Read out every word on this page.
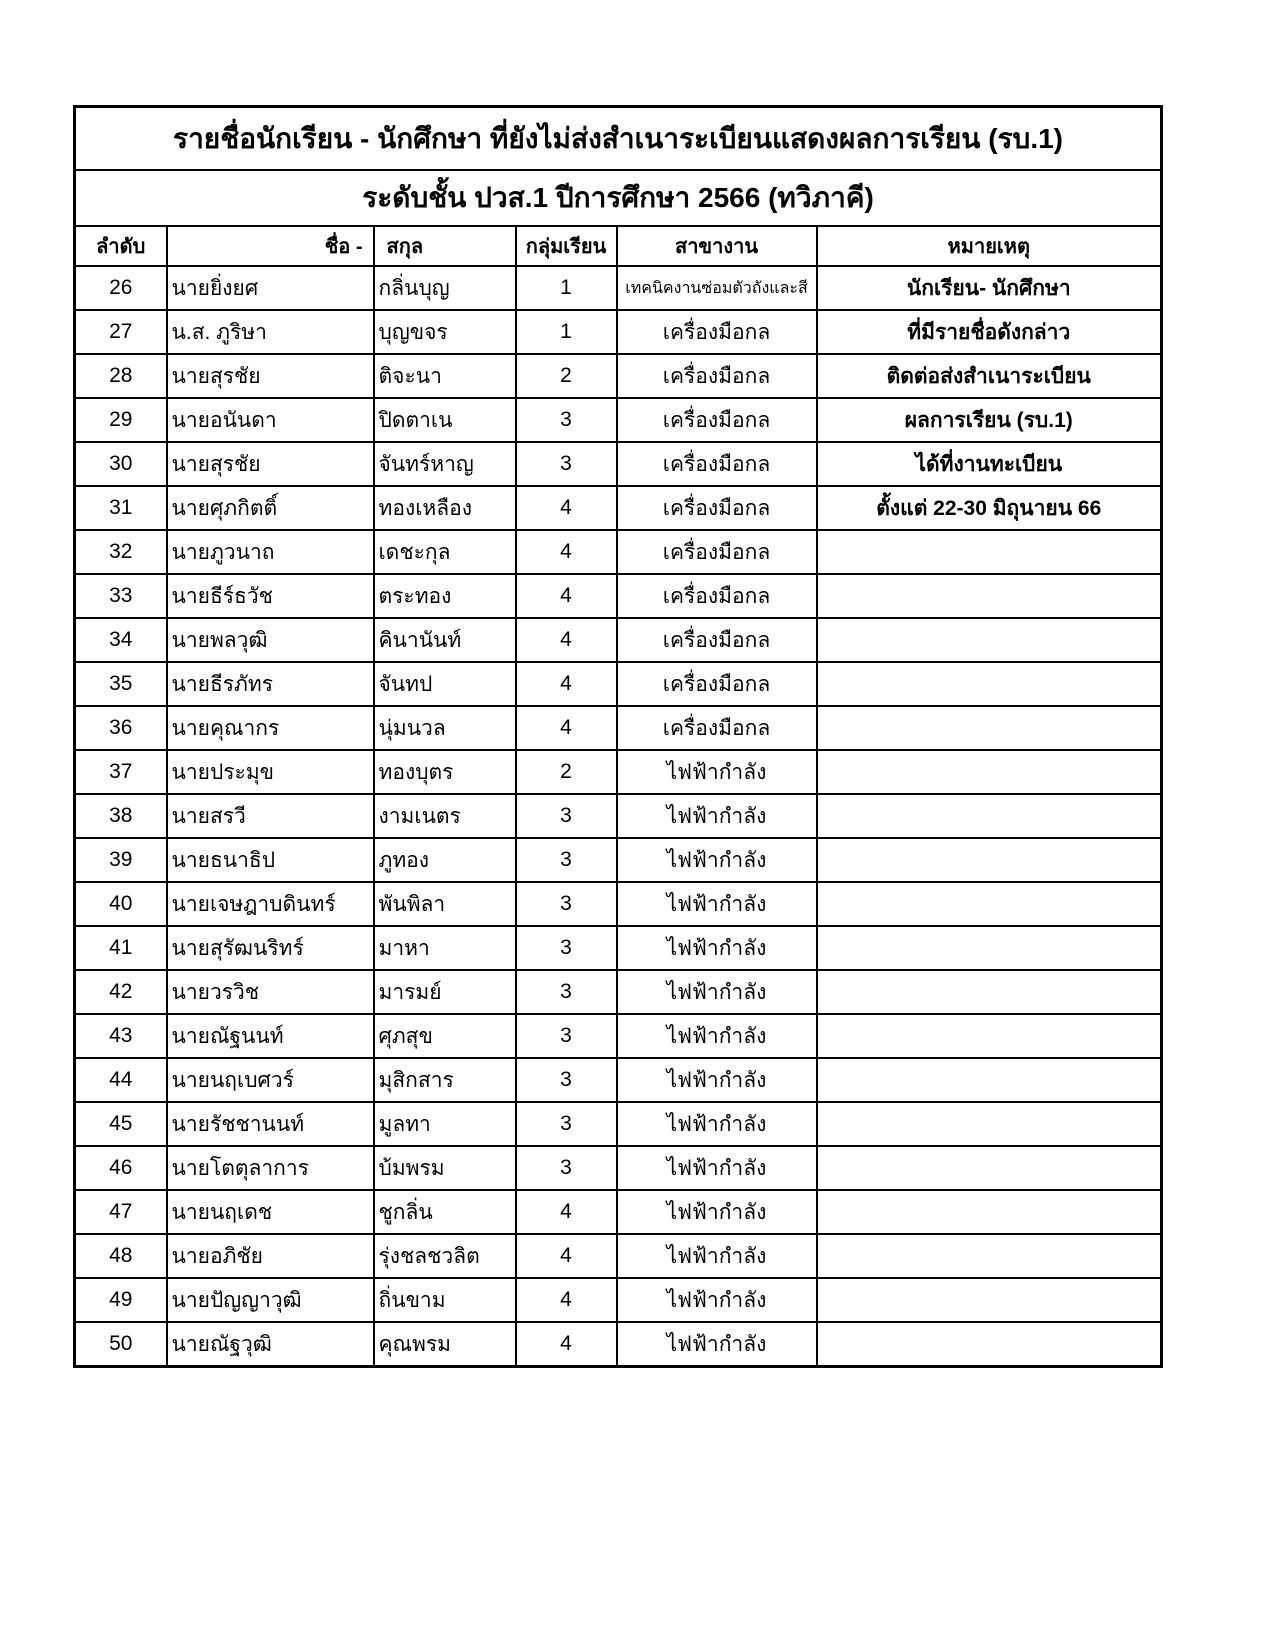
รายชื่อนักเรียน - นักศึกษา ที่ยังไม่ส่งสำเนาระเบียนแสดงผลการเรียน (รบ.1)					
ระดับชั้น ปวส.1 ปีการศึกษา 2566 (ทวิภาคี)					
ลำดับ	ชื่อ -	สกุล	กลุ่มเรียน	สาขางาน	หมายเหตุ
26	นายยิ่งยศ	กลิ่นบุญ	1	เทคนิคงานซ่อมตัวถังและสี	นักเรียน- นักศึกษา
27	น.ส. ภูริษา	บุญขจร	1	เครื่องมือกล	ที่มีรายชื่อดังกล่าว
28	นายสุรชัย	ติจะนา	2	เครื่องมือกล	ติดต่อส่งสำเนาระเบียน
29	นายอนันดา	ปิดตาเน	3	เครื่องมือกล	ผลการเรียน (รบ.1)
30	นายสุรชัย	จันทร์หาญ	3	เครื่องมือกล	ได้ที่งานทะเบียน
31	นายศุภกิตติ์	ทองเหลือง	4	เครื่องมือกล	ตั้งแต่ 22-30 มิถุนายน 66
32	นายภูวนาถ	เดชะกุล	4	เครื่องมือกล	
33	นายธีร์ธวัช	ตระทอง	4	เครื่องมือกล	
34	นายพลวุฒิ	คินานันท์	4	เครื่องมือกล	
35	นายธีรภัทร	จันทป	4	เครื่องมือกล	
36	นายคุณากร	นุ่มนวล	4	เครื่องมือกล	
37	นายประมุข	ทองบุตร	2	ไฟฟ้ากำลัง	
38	นายสรวี	งามเนตร	3	ไฟฟ้ากำลัง	
39	นายธนาธิป	ภูทอง	3	ไฟฟ้ากำลัง	
40	นายเจษฎาบดินทร์	พันพิลา	3	ไฟฟ้ากำลัง	
41	นายสุรัฒนริทร์	มาหา	3	ไฟฟ้ากำลัง	
42	นายวรวิช	มารมย์	3	ไฟฟ้ากำลัง	
43	นายณัฐนนท์	ศุภสุข	3	ไฟฟ้ากำลัง	
44	นายนฤเบศวร์	มุสิกสาร	3	ไฟฟ้ากำลัง	
45	นายรัชชานนท์	มูลทา	3	ไฟฟ้ากำลัง	
46	นายโตตุลาการ	บ้มพรม	3	ไฟฟ้ากำลัง	
47	นายนฤเดช	ชูกลิ่น	4	ไฟฟ้ากำลัง	
48	นายอภิชัย	รุ่งชลชวลิต	4	ไฟฟ้ากำลัง	
49	นายปัญญาวุฒิ	ถิ่นขาม	4	ไฟฟ้ากำลัง	
50	นายณัฐวุฒิ	คุณพรม	4	ไฟฟ้ากำลัง	
